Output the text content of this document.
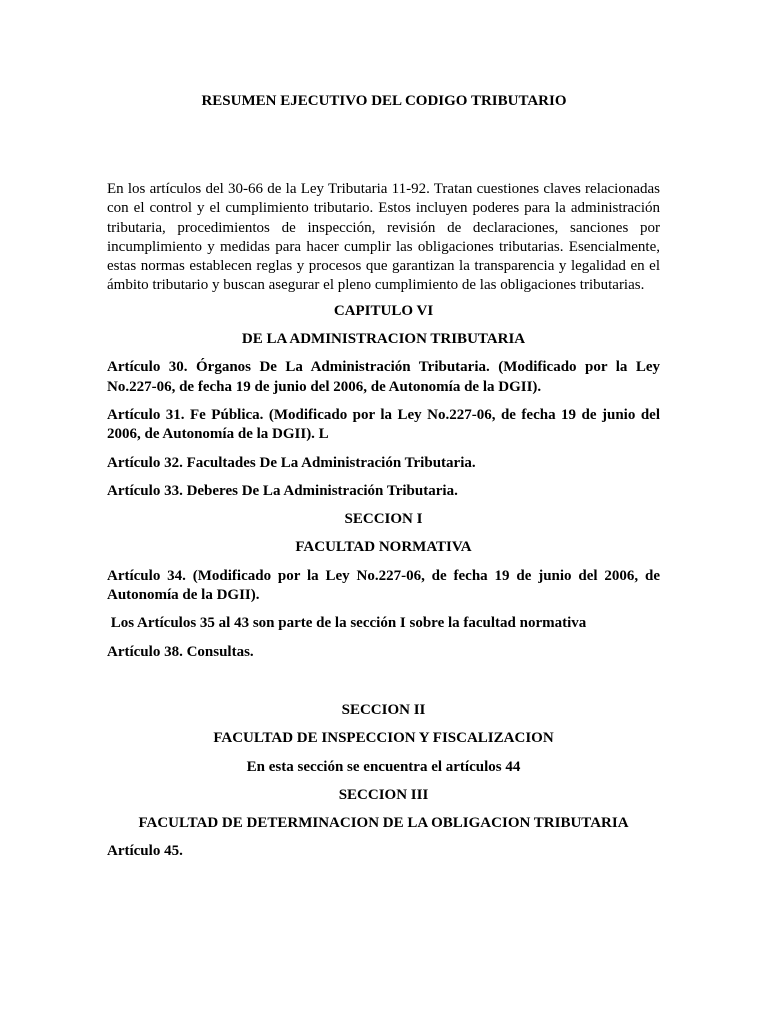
RESUMEN EJECUTIVO DEL CODIGO TRIBUTARIO

En los artículos del 30-66 de la Ley Tributaria 11-92. Tratan cuestiones claves relacionadas con el control y el cumplimiento tributario. Estos incluyen poderes para la administración tributaria, procedimientos de inspección, revisión de declaraciones, sanciones por incumplimiento y medidas para hacer cumplir las obligaciones tributarias. Esencialmente, estas normas establecen reglas y procesos que garantizan la transparencia y legalidad en el ámbito tributario y buscan asegurar el pleno cumplimiento de las obligaciones tributarias.

CAPITULO VI

DE LA ADMINISTRACION TRIBUTARIA

Artículo 30. Órganos De La Administración Tributaria. (Modificado por la Ley No.227-06, de fecha 19 de junio del 2006, de Autonomía de la DGII).

Artículo 31. Fe Pública. (Modificado por la Ley No.227-06, de fecha 19 de junio del 2006, de Autonomía de la DGII). L

Artículo 32. Facultades De La Administración Tributaria.

Artículo 33. Deberes De La Administración Tributaria.

SECCION I

FACULTAD NORMATIVA

Artículo 34. (Modificado por la Ley No.227-06, de fecha 19 de junio del 2006, de Autonomía de la DGII).

Los Artículos 35 al 43 son parte de la sección I sobre la facultad normativa

Artículo 38. Consultas.

SECCION II

FACULTAD DE INSPECCION Y FISCALIZACION

En esta sección se encuentra el artículos 44

SECCION III

FACULTAD DE DETERMINACION DE LA OBLIGACION TRIBUTARIA

Artículo 45.
